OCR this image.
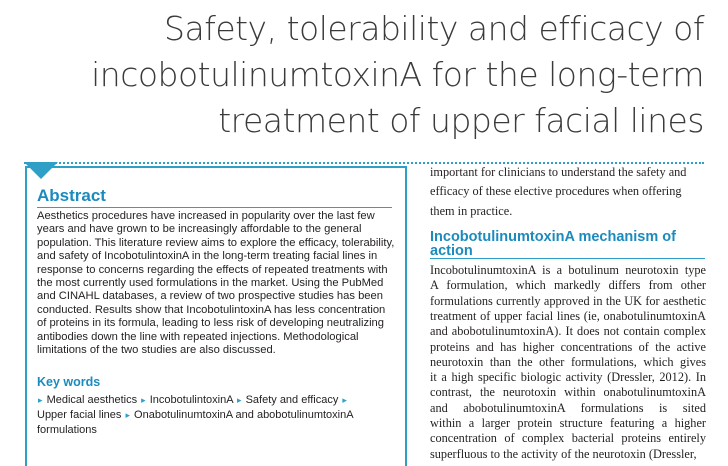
Safety, tolerability and efficacy of
incobotulinumtoxinA for the long-term
treatment of upper facial lines
Abstract
Aesthetics procedures have increased in popularity over the last few years and have grown to be increasingly affordable to the general population. This literature review aims to explore the efficacy, tolerability, and safety of IncobotulintoxinA in the long-term treating facial lines in response to concerns regarding the effects of repeated treatments with the most currently used formulations in the market. Using the PubMed and CINAHL databases, a review of two prospective studies has been conducted. Results show that IncobotulintoxinA has less concentration of proteins in its formula, leading to less risk of developing neutralizing antibodies down the line with repeated injections. Methodological limitations of the two studies are also discussed.
Key words
▸ Medical aesthetics ▸ IncobotulintoxinA ▸ Safety and efficacy ▸
Upper facial lines ▸ OnabotulinumtoxinA and abobotulinumtoxinA formulations
important for clinicians to understand the safety and efficacy of these elective procedures when offering them in practice.
IncobotulinumtoxinA mechanism of action
IncobotulinumtoxinA is a botulinum neurotoxin type
A formulation, which markedly differs from other
formulations currently approved in the UK for aesthetic
treatment of upper facial lines (ie, onabotulinumtoxinA
and abobotulinumtoxinA). It does not contain complex
proteins and has higher concentrations of the active
neurotoxin than the other formulations, which gives
it a high specific biologic activity (Dressler, 2012). In
contrast, the neurotoxin within onabotulinumtoxinA
and abobotulinumtoxinA formulations is sited
within a larger protein structure featuring a higher
concentration of complex bacterial proteins entirely
superfluous to the activity of the neurotoxin (Dressler,
